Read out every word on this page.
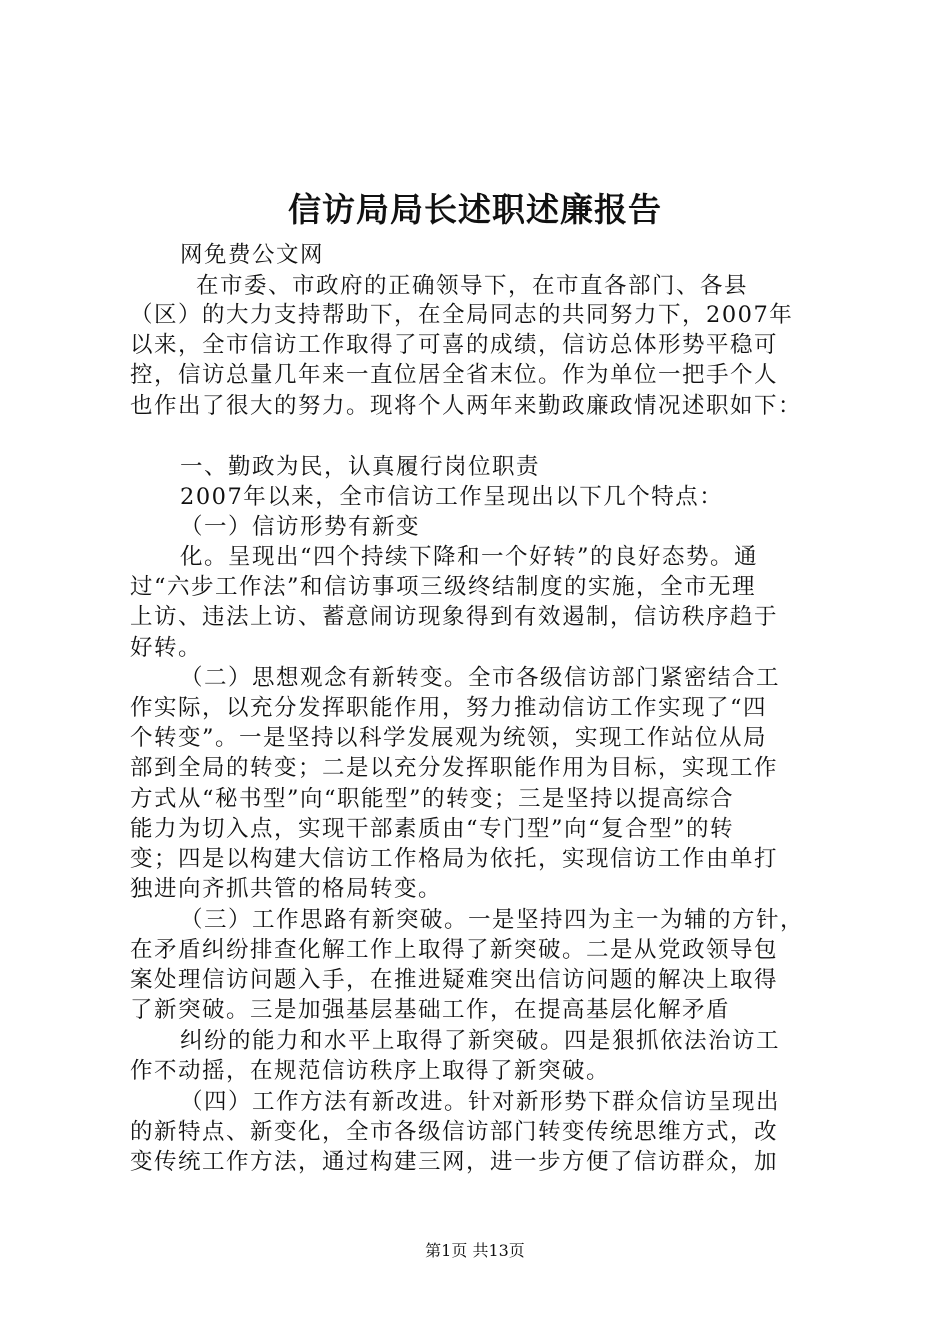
信访局局长述职述廉报告
网免费公文网
在市委、市政府的正确领导下，在市直各部门、各县
（区）的大力支持帮助下，在全局同志的共同努力下，2007年
以来，全市信访工作取得了可喜的成绩，信访总体形势平稳可
控，信访总量几年来一直位居全省末位。作为单位一把手个人
也作出了很大的努力。现将个人两年来勤政廉政情况述职如下：
一、勤政为民，认真履行岗位职责
2007年以来，全市信访工作呈现出以下几个特点：
（一）信访形势有新变
化。呈现出“四个持续下降和一个好转”的良好态势。通
过“六步工作法”和信访事项三级终结制度的实施，全市无理
上访、违法上访、蓄意闹访现象得到有效遏制，信访秩序趋于
好转。
（二）思想观念有新转变。全市各级信访部门紧密结合工
作实际，以充分发挥职能作用，努力推动信访工作实现了“四
个转变”。一是坚持以科学发展观为统领，实现工作站位从局
部到全局的转变；二是以充分发挥职能作用为目标，实现工作
方式从“秘书型”向“职能型”的转变；三是坚持以提高综合
能力为切入点，实现干部素质由“专门型”向“复合型”的转
变；四是以构建大信访工作格局为依托，实现信访工作由单打
独进向齐抓共管的格局转变。
（三）工作思路有新突破。一是坚持四为主一为辅的方针，
在矛盾纠纷排查化解工作上取得了新突破。二是从党政领导包
案处理信访问题入手，在推进疑难突出信访问题的解决上取得
了新突破。三是加强基层基础工作，在提高基层化解矛盾
纠纷的能力和水平上取得了新突破。四是狠抓依法治访工
作不动摇，在规范信访秩序上取得了新突破。
（四）工作方法有新改进。针对新形势下群众信访呈现出
的新特点、新变化，全市各级信访部门转变传统思维方式，改
变传统工作方法，通过构建三网，进一步方便了信访群众，加
第1页 共13页
